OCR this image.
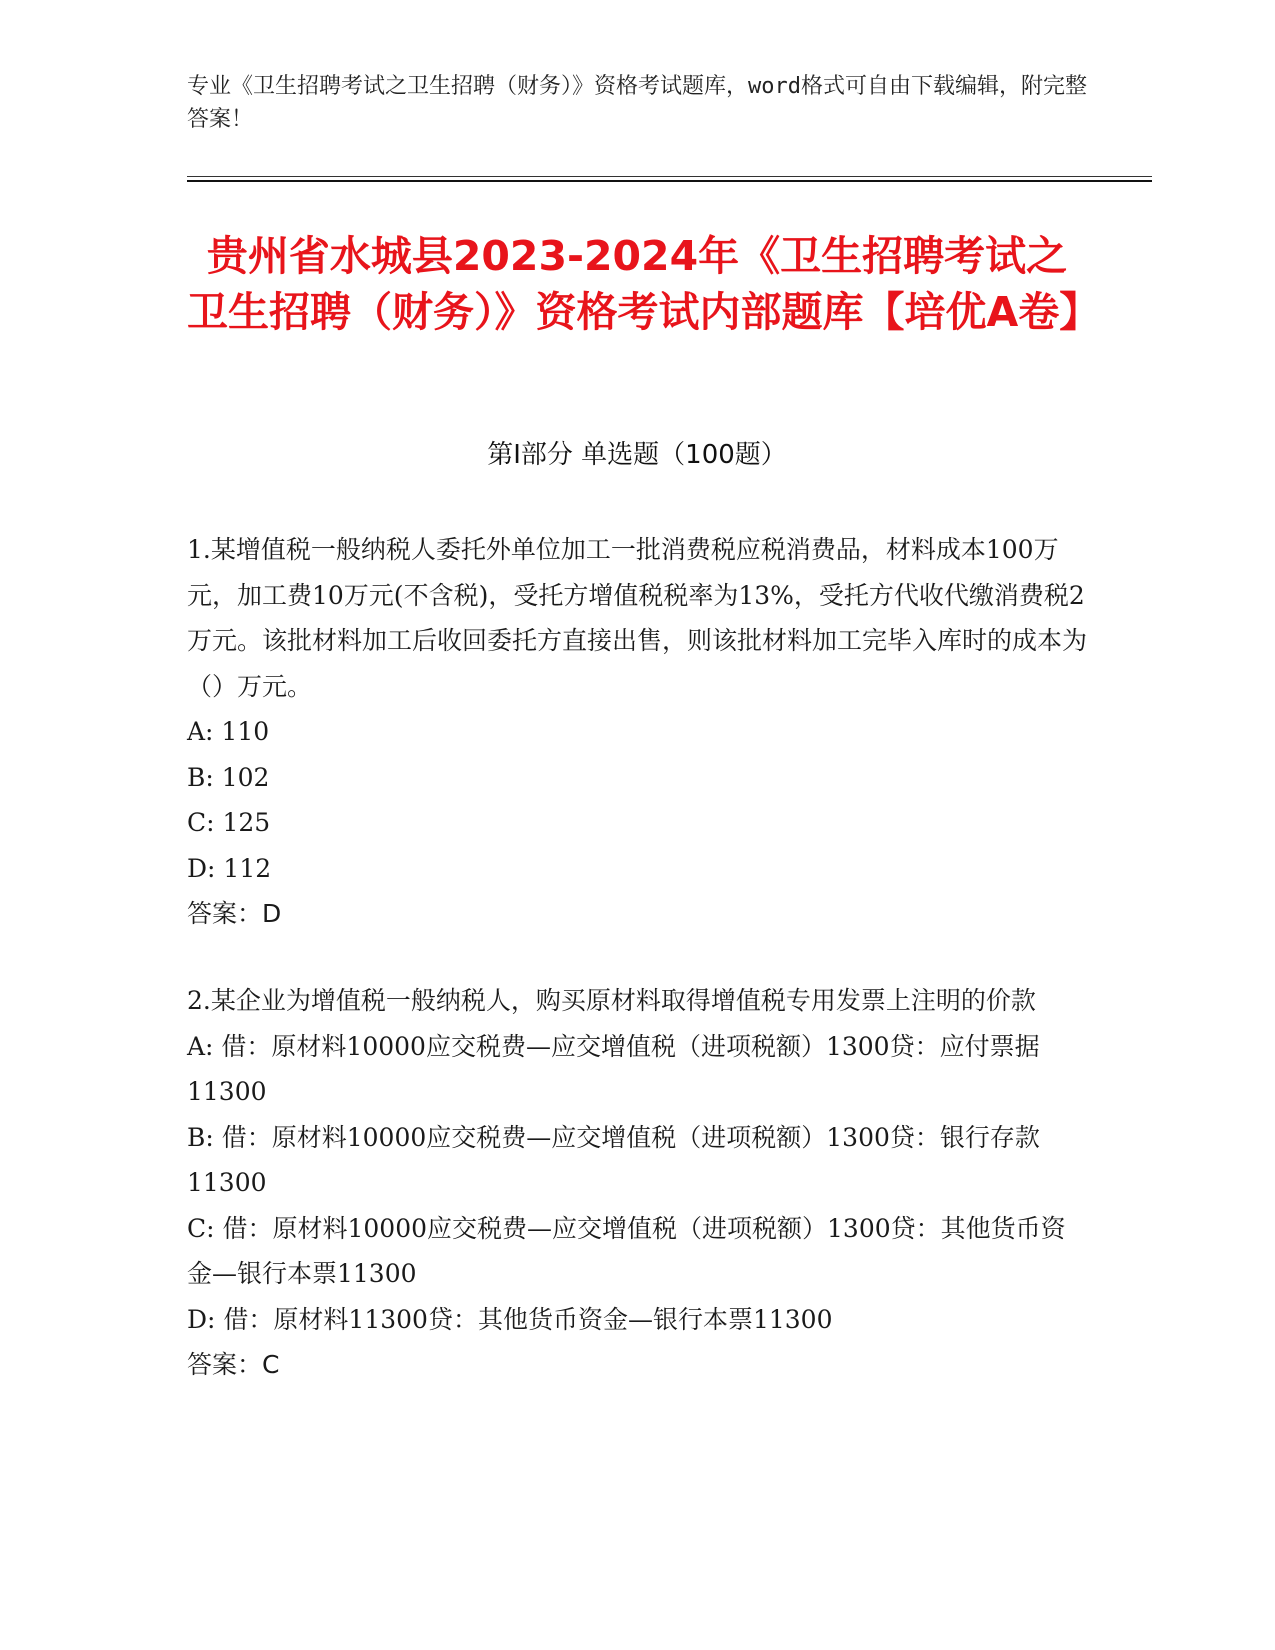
专业《卫生招聘考试之卫生招聘（财务）》资格考试题库，word格式可自由下载编辑，附完整答案！
贵州省水城县2023-2024年《卫生招聘考试之卫生招聘（财务）》资格考试内部题库【培优A卷】
第I部分 单选题（100题）

1.某增值税一般纳税人委托外单位加工一批消费税应税消费品，材料成本100万元，加工费10万元(不含税)，受托方增值税税率为13%，受托方代收代缴消费税2万元。该批材料加工后收回委托方直接出售，则该批材料加工完毕入库时的成本为（）万元。

A: 110

B: 102

C: 125

D: 112

答案：D

2.某企业为增值税一般纳税人，购买原材料取得增值税专用发票上注明的价款

A: 借：原材料10000应交税费—应交增值税（进项税额）1300贷：应付票据11300

B: 借：原材料10000应交税费—应交增值税（进项税额）1300贷：银行存款11300

C: 借：原材料10000应交税费—应交增值税（进项税额）1300贷：其他货币资金—银行本票11300

D: 借：原材料11300贷：其他货币资金—银行本票11300

答案：C
